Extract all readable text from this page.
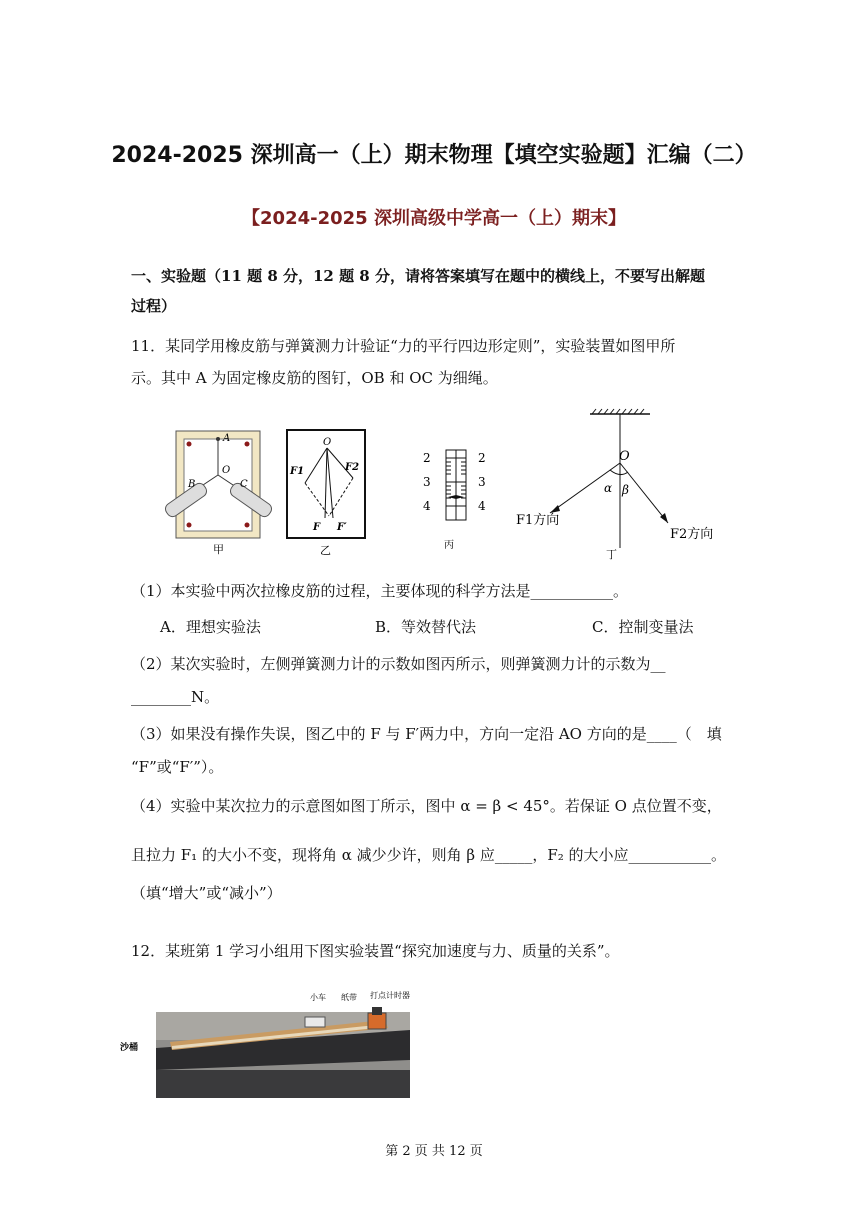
2024-2025 深圳高一（上）期末物理【填空实验题】汇编（二）
【2024-2025 深圳高级中学高一（上）期末】
一、实验题（11 题 8 分，12 题 8 分，请将答案填写在题中的横线上，不要写出解题
过程）
11．某同学用橡皮筋与弹簧测力计验证“力的平行四边形定则”，实验装置如图甲所
示。其中 A 为固定橡皮筋的图钉，OB 和 OC 为细绳。
A
O
B	C
甲
O
F1	F2
F F′
乙
2
3
4
2
3
4
丙
O
α β
F1方向
F2方向
丁
（1）本实验中两次拉橡皮筋的过程，主要体现的科学方法是___________。
A．理想实验法	B．等效替代法	C．控制变量法
（2）某次实验时，左侧弹簧测力计的示数如图丙所示，则弹簧测力计的示数为__
________N。
（3）如果没有操作失误，图乙中的 F 与 F′两力中，方向一定沿 AO 方向的是____（　填
“F”或“F′”）。
（4）实验中某次拉力的示意图如图丁所示，图中 α = β < 45°。若保证 O 点位置不变，
且拉力 F₁ 的大小不变，现将角 α 减少少许，则角 β 应_____，F₂ 的大小应___________。
（填“增大”或“减小”）
12．某班第 1 学习小组用下图实验装置“探究加速度与力、质量的关系”。
小车 纸带 打点计时器
沙桶
第 2 页 共 12 页
